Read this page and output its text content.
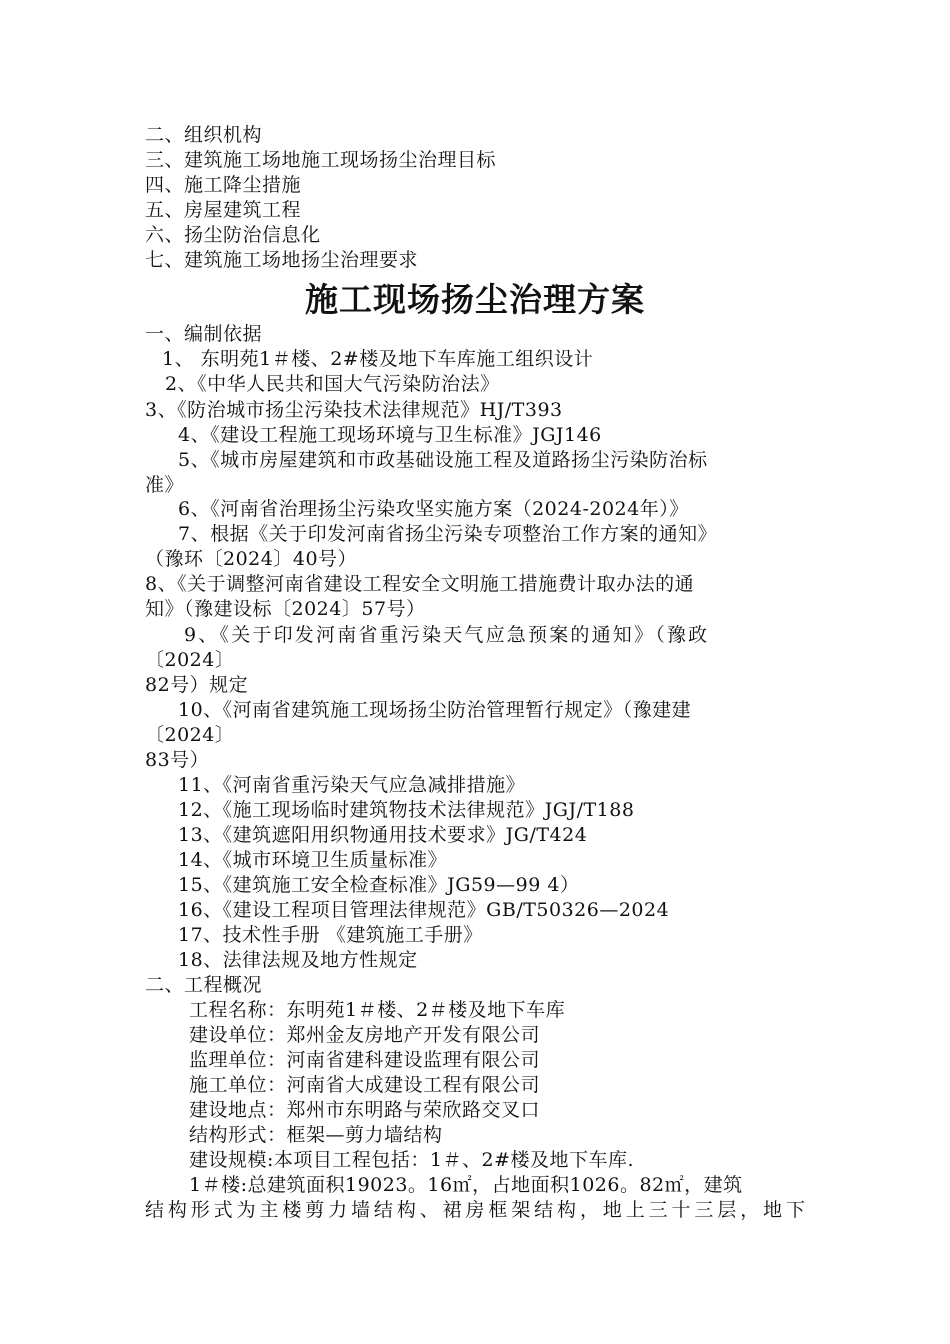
二、组织机构
三、建筑施工场地施工现场扬尘治理目标
四、施工降尘措施
五、房屋建筑工程
六、扬尘防治信息化
七、建筑施工场地扬尘治理要求
施工现场扬尘治理方案
一、编制依据
1、 东明苑1＃楼、2#楼及地下车库施工组织设计
2、《中华人民共和国大气污染防治法》
3、《防治城市扬尘污染技术法律规范》HJ/T393
4、《建设工程施工现场环境与卫生标准》JGJ146
5、《城市房屋建筑和市政基础设施工程及道路扬尘污染防治标
准》
6、《河南省治理扬尘污染攻坚实施方案（2024-2024年）》
7、根据《关于印发河南省扬尘污染专项整治工作方案的通知》
（豫环〔2024〕40号）
8、《关于调整河南省建设工程安全文明施工措施费计取办法的通
知》（豫建设标〔2024〕57号）
9、《关于印发河南省重污染天气应急预案的通知》（豫政
〔2024〕
82号）规定
10、《河南省建筑施工现场扬尘防治管理暂行规定》（豫建建
〔2024〕
83号）
11、《河南省重污染天气应急减排措施》
12、《施工现场临时建筑物技术法律规范》JGJ/T188
13、《建筑遮阳用织物通用技术要求》JG/T424
14、《城市环境卫生质量标准》
15、《建筑施工安全检查标准》JG59—99 4）
16、《建设工程项目管理法律规范》GB/T50326—2024
17、技术性手册 《建筑施工手册》
18、法律法规及地方性规定
二、工程概况
工程名称：东明苑1＃楼、2＃楼及地下车库
建设单位：郑州金友房地产开发有限公司
监理单位：河南省建科建设监理有限公司
施工单位：河南省大成建设工程有限公司
建设地点：郑州市东明路与荣欣路交叉口
结构形式：框架—剪力墙结构
建设规模:本项目工程包括：1＃、2#楼及地下车库.
1＃楼:总建筑面积19023。16㎡，占地面积1026。82㎡，建筑
结构形式为主楼剪力墙结构、裙房框架结构，地上三十三层，地下
